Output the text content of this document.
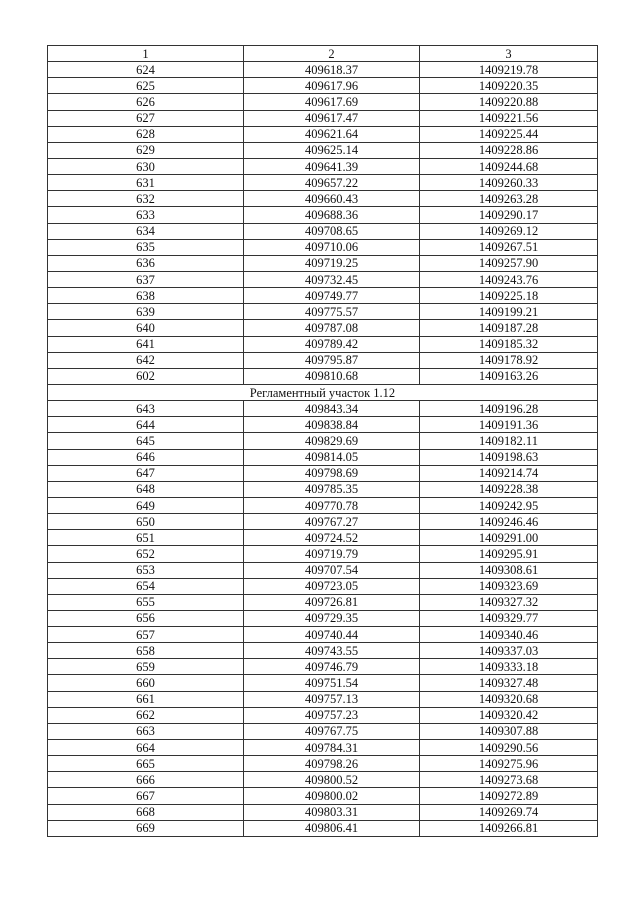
1	2	3
624	409618.37	1409219.78
625	409617.96	1409220.35
626	409617.69	1409220.88
627	409617.47	1409221.56
628	409621.64	1409225.44
629	409625.14	1409228.86
630	409641.39	1409244.68
631	409657.22	1409260.33
632	409660.43	1409263.28
633	409688.36	1409290.17
634	409708.65	1409269.12
635	409710.06	1409267.51
636	409719.25	1409257.90
637	409732.45	1409243.76
638	409749.77	1409225.18
639	409775.57	1409199.21
640	409787.08	1409187.28
641	409789.42	1409185.32
642	409795.87	1409178.92
602	409810.68	1409163.26
Регламентный участок 1.12		
643	409843.34	1409196.28
644	409838.84	1409191.36
645	409829.69	1409182.11
646	409814.05	1409198.63
647	409798.69	1409214.74
648	409785.35	1409228.38
649	409770.78	1409242.95
650	409767.27	1409246.46
651	409724.52	1409291.00
652	409719.79	1409295.91
653	409707.54	1409308.61
654	409723.05	1409323.69
655	409726.81	1409327.32
656	409729.35	1409329.77
657	409740.44	1409340.46
658	409743.55	1409337.03
659	409746.79	1409333.18
660	409751.54	1409327.48
661	409757.13	1409320.68
662	409757.23	1409320.42
663	409767.75	1409307.88
664	409784.31	1409290.56
665	409798.26	1409275.96
666	409800.52	1409273.68
667	409800.02	1409272.89
668	409803.31	1409269.74
669	409806.41	1409266.81
